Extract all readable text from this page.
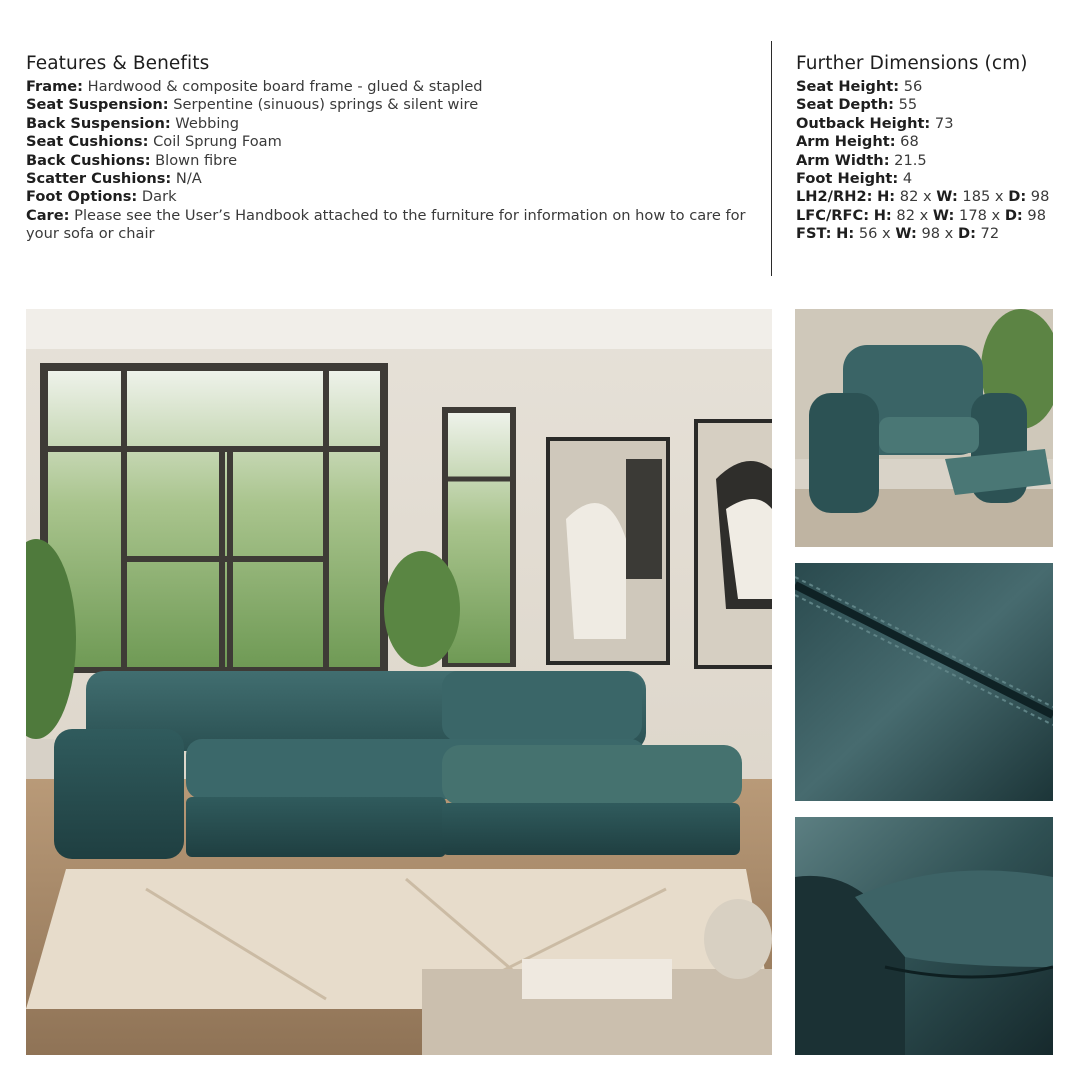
Features & Benefits
Frame: Hardwood & composite board frame - glued & stapled
Seat Suspension: Serpentine (sinuous) springs & silent wire
Back Suspension: Webbing
Seat Cushions: Coil Sprung Foam
Back Cushions: Blown fibre
Scatter Cushions: N/A
Foot Options: Dark
Care: Please see the User’s Handbook attached to the furniture for information on how to care for your sofa or chair
Further Dimensions (cm)
Seat Height: 56
Seat Depth: 55
Outback Height: 73
Arm Height: 68
Arm Width: 21.5
Foot Height: 4
LH2/RH2: H: 82 x W: 185 x D: 98
LFC/RFC: H: 82 x W: 178 x D: 98
FST: H: 56 x W: 98 x D: 72
